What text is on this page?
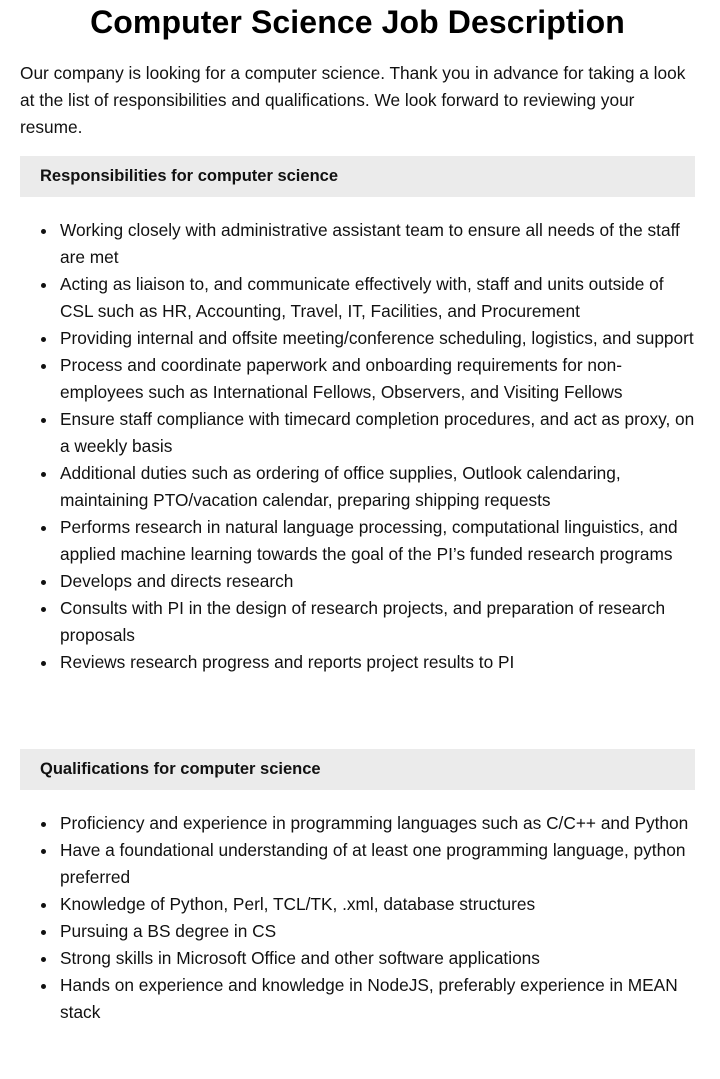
Computer Science Job Description

Our company is looking for a computer science. Thank you in advance for taking a look at the list of responsibilities and qualifications. We look forward to reviewing your resume.

Responsibilities for computer science
Working closely with administrative assistant team to ensure all needs of the staff are met
Acting as liaison to, and communicate effectively with, staff and units outside of CSL such as HR, Accounting, Travel, IT, Facilities, and Procurement
Providing internal and offsite meeting/conference scheduling, logistics, and support
Process and coordinate paperwork and onboarding requirements for non-employees such as International Fellows, Observers, and Visiting Fellows
Ensure staff compliance with timecard completion procedures, and act as proxy, on a weekly basis
Additional duties such as ordering of office supplies, Outlook calendaring, maintaining PTO/vacation calendar, preparing shipping requests
Performs research in natural language processing, computational linguistics, and applied machine learning towards the goal of the PI’s funded research programs
Develops and directs research
Consults with PI in the design of research projects, and preparation of research proposals
Reviews research progress and reports project results to PI
Qualifications for computer science
Proficiency and experience in programming languages such as C/C++ and Python
Have a foundational understanding of at least one programming language, python preferred
Knowledge of Python, Perl, TCL/TK, .xml, database structures
Pursuing a BS degree in CS
Strong skills in Microsoft Office and other software applications
Hands on experience and knowledge in NodeJS, preferably experience in MEAN stack
